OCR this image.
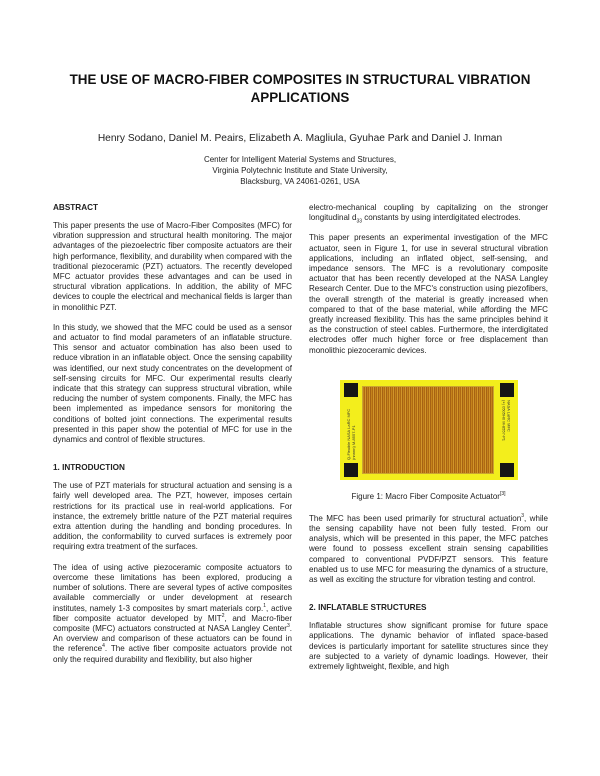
THE USE OF MACRO-FIBER COMPOSITES IN STRUCTURAL VIBRATION APPLICATIONS
Henry Sodano, Daniel M. Peairs, Elizabeth A. Magliula, Gyuhae Park and Daniel J. Inman
Center for Intelligent Material Systems and Structures,
Virginia Polytechnic Institute and State University,
Blacksburg, VA 24061-0261, USA
ABSTRACT
This paper presents the use of Macro-Fiber Composites (MFC) for vibration suppression and structural health monitoring. The major advantages of the piezoelectric fiber composite actuators are their high performance, flexibility, and durability when compared with the traditional piezoceramic (PZT) actuators. The recently developed MFC actuator provides these advantages and can be used in structural vibration applications. In addition, the ability of MFC devices to couple the electrical and mechanical fields is larger than in monolithic PZT.
In this study, we showed that the MFC could be used as a sensor and actuator to find modal parameters of an inflatable structure. This sensor and actuator combination has also been used to reduce vibration in an inflatable object. Once the sensing capability was identified, our next study concentrates on the development of self-sensing circuits for MFC. Our experimental results clearly indicate that this strategy can suppress structural vibration, while reducing the number of system components. Finally, the MFC has been implemented as impedance sensors for monitoring the conditions of bolted joint connections. The experimental results presented in this paper show the potential of MFC for use in the dynamics and control of flexible structures.
1. INTRODUCTION
The use of PZT materials for structural actuation and sensing is a fairly well developed area. The PZT, however, imposes certain restrictions for its practical use in real-world applications. For instance, the extremely brittle nature of the PZT material requires extra attention during the handling and bonding procedures. In addition, the conformability to curved surfaces is extremely poor requiring extra treatment of the surfaces.
The idea of using active piezoceramic composite actuators to overcome these limitations has been explored, producing a number of solutions. There are several types of active composites available commercially or under development at research institutes, namely 1-3 composites by smart materials corp.$^1$, active fiber composite actuator developed by MIT$^2$, and Macro-fiber composite (MFC) actuators constructed at NASA Langley Center$^3$. An overview and comparison of these actuators can be found in the reference$^4$. The active fiber composite actuators provide not only the required durability and flexibility, but also higher
electro-mechanical coupling by capitalizing on the stronger longitudinal $d_{33}$ constants by using interdigitated electrodes.
This paper presents an experimental investigation of the MFC actuator, seen in Figure 1, for use in several structural vibration applications, including an inflated object, self-sensing, and impedance sensors. The MFC is a revolutionary composite actuator that has been recently developed at the NASA Langley Research Center. Due to the MFC's construction using piezofibers, the overall strength of the material is greatly increased when compared to that of the base material, while affording the MFC greatly increased flexibility. This has the same principles behind it as the construction of steel cables. Furthermore, the interdigitated electrodes offer much higher force or free displacement than monolithic piezoceramic devices.
Q-Flexible NASA LaRC MFC
(nnnnn) M-8557-P1
NASA LaRC MFC
(+) 0505H0 M-8557-P1
Figure 1: Macro Fiber Composite Actuator[3]
The MFC has been used primarily for structural actuation$^3$, while the sensing capability have not been fully tested. From our analysis, which will be presented in this paper, the MFC patches were found to possess excellent strain sensing capabilities compared to conventional PVDF/PZT sensors. This feature enabled us to use MFC for measuring the dynamics of a structure, as well as exciting the structure for vibration testing and control.
2. INFLATABLE STRUCTURES
Inflatable structures show significant promise for future space applications. The dynamic behavior of inflated space-based devices is particularly important for satellite structures since they are subjected to a variety of dynamic loadings. However, their extremely lightweight, flexible, and high
